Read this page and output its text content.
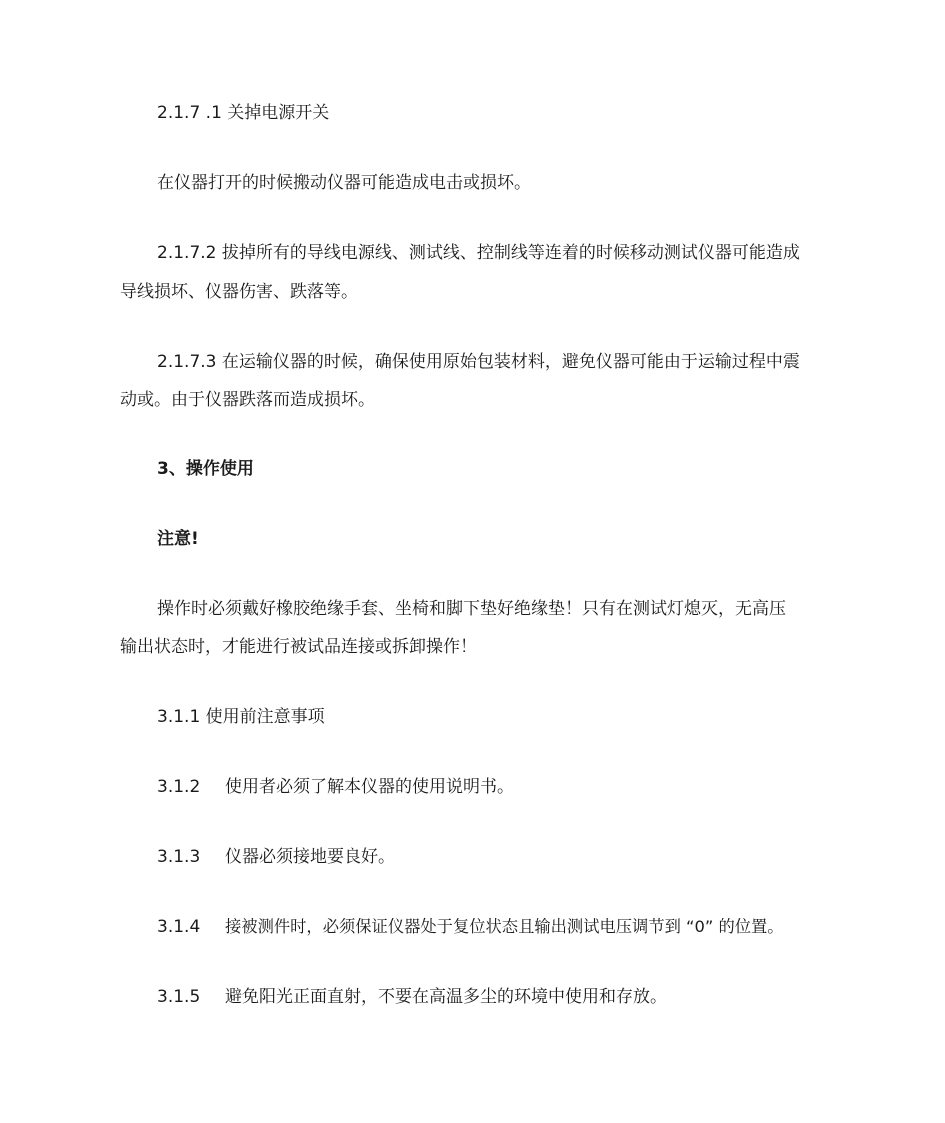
2.1.7 .1 关掉电源开关
在仪器打开的时候搬动仪器可能造成电击或损坏。
2.1.7.2 拔掉所有的导线电源线、测试线、控制线等连着的时候移动测试仪器可能造成
导线损坏、仪器伤害、跌落等。
2.1.7.3 在运输仪器的时候，确保使用原始包装材料，避免仪器可能由于运输过程中震
动或。由于仪器跌落而造成损坏。
3、操作使用
注意!
操作时必须戴好橡胶绝缘手套、坐椅和脚下垫好绝缘垫！只有在测试灯熄灭，无高压
输出状态时，才能进行被试品连接或拆卸操作！
3.1.1 使用前注意事项
3.1.2 使用者必须了解本仪器的使用说明书。
3.1.3 仪器必须接地要良好。
3.1.4 接被测件时，必须保证仪器处于复位状态且输出测试电压调节到 “0” 的位置。
3.1.5 避免阳光正面直射，不要在高温多尘的环境中使用和存放。
